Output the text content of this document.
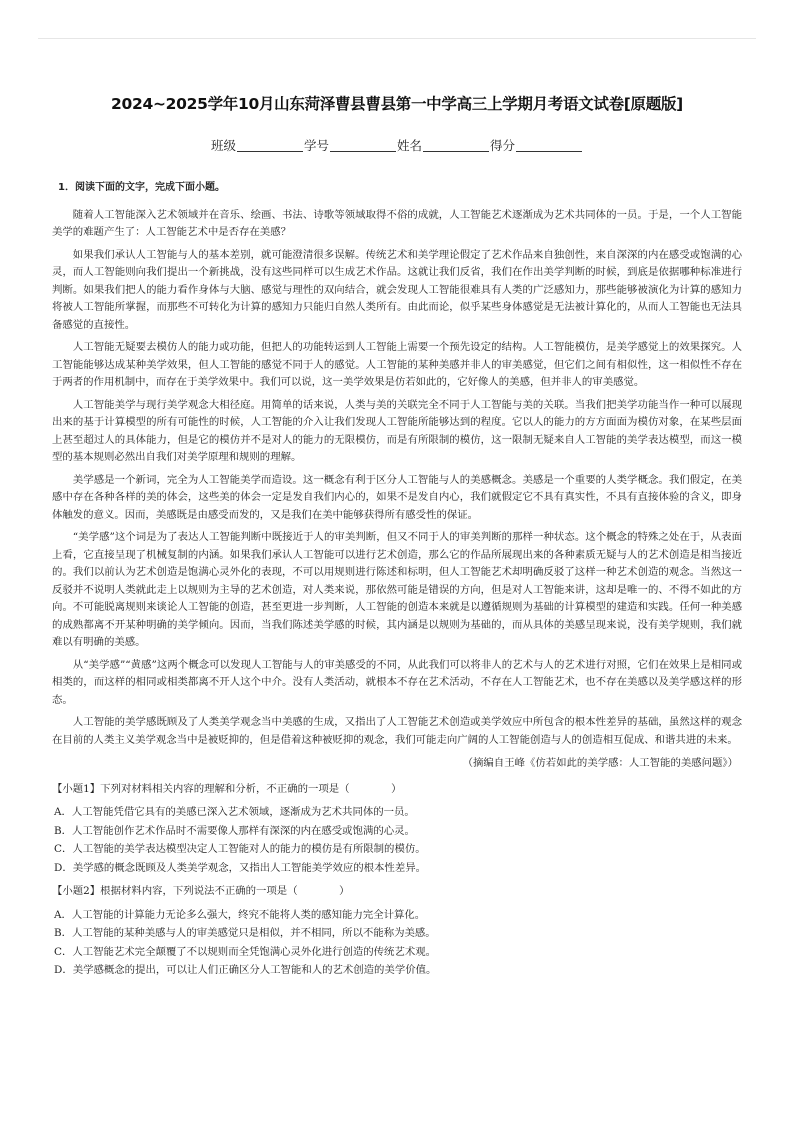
2024~2025学年10月山东菏泽曹县曹县第一中学高三上学期月考语文试卷[原题版]
班级	学号	姓名	得分
1．阅读下面的文字，完成下面小题。
随着人工智能深入艺术领域并在音乐、绘画、书法、诗歌等领域取得不俗的成就，人工智能艺术逐渐成为艺术共同体的一员。于是，一个人工智能美学的难题产生了：人工智能艺术中是否存在美感？
如果我们承认人工智能与人的基本差别，就可能澄清很多误解。传统艺术和美学理论假定了艺术作品来自独创性，来自深深的内在感受或饱满的心灵，而人工智能则向我们提出一个新挑战，没有这些同样可以生成艺术作品。这就让我们反省，我们在作出美学判断的时候，到底是依据哪种标准进行判断。如果我们把人的能力看作身体与大脑、感觉与理性的双向结合，就会发现人工智能很难具有人类的广泛感知力，那些能够被演化为计算的感知力将被人工智能所掌握，而那些不可转化为计算的感知力只能归自然人类所有。由此而论，似乎某些身体感觉是无法被计算化的，从而人工智能也无法具备感觉的直接性。
人工智能无疑要去模仿人的能力或功能，但把人的功能转运到人工智能上需要一个预先设定的结构。人工智能模仿，是美学感觉上的效果探究。人工智能能够达成某种美学效果，但人工智能的感觉不同于人的感觉。人工智能的某种美感并非人的审美感觉，但它们之间有相似性，这一相似性不存在于两者的作用机制中，而存在于美学效果中。我们可以说，这一美学效果是仿若如此的，它好像人的美感，但并非人的审美感觉。
人工智能美学与现行美学观念大相径庭。用简单的话来说，人类与美的关联完全不同于人工智能与美的关联。当我们把美学功能当作一种可以展现出来的基于计算模型的所有可能性的时候，人工智能的介入让我们发现人工智能所能够达到的程度。它以人的能力的方方面面为模仿对象，在某些层面上甚至超过人的具体能力，但是它的模仿并不是对人的能力的无限模仿，而是有所限制的模仿，这一限制无疑来自人工智能的美学表达模型，而这一模型的基本规则必然出自我们对美学原理和规则的理解。
美学感是一个新词，完全为人工智能美学而造设。这一概念有利于区分人工智能与人的美感概念。美感是一个重要的人类学概念。我们假定，在美感中存在各种各样的美的体会，这些美的体会一定是发自我们内心的，如果不是发自内心，我们就假定它不具有真实性，不具有直接体验的含义，即身体触发的意义。因而，美感既是由感受而发的，又是我们在美中能够获得所有感受性的保证。
“美学感”这个词是为了表达人工智能判断中既接近于人的审美判断，但又不同于人的审美判断的那样一种状态。这个概念的特殊之处在于，从表面上看，它直接呈现了机械复制的内涵。如果我们承认人工智能可以进行艺术创造，那么它的作品所展现出来的各种素质无疑与人的艺术创造是相当接近的。我们以前认为艺术创造是饱满心灵外化的表现，不可以用规则进行陈述和标明，但人工智能艺术却明确反驳了这样一种艺术创造的观念。当然这一反驳并不说明人类就此走上以规则为主导的艺术创造，对人类来说，那依然可能是错误的方向，但是对人工智能来讲，这却是唯一的、不得不如此的方向。不可能脱离规则来谈论人工智能的创造，甚至更进一步判断，人工智能的创造本来就是以遵循规则为基础的计算模型的建造和实践。任何一种美感的成熟都离不开某种明确的美学倾向。因而，当我们陈述美学感的时候，其内涵是以规则为基础的，而从具体的美感呈现来说，没有美学规则，我们就难以有明确的美感。
从“美学感”“黄感”这两个概念可以发现人工智能与人的审美感受的不同，从此我们可以将非人的艺术与人的艺术进行对照，它们在效果上是相同或相类的，而这样的相同或相类都离不开人这个中介。没有人类活动，就根本不存在艺术活动，不存在人工智能艺术，也不存在美感以及美学感这样的形态。
人工智能的美学感既顾及了人类美学观念当中美感的生成，又指出了人工智能艺术创造或美学效应中所包含的根本性差异的基础，虽然这样的观念在目前的人类主义美学观念当中是被贬抑的，但是借着这种被贬抑的观念，我们可能走向广阔的人工智能创造与人的创造相互促成、和谐共进的未来。
（摘编自王峰《仿若如此的美学感：人工智能的美感问题》）
【小题1】下列对材料相关内容的理解和分析，不正确的一项是（　　　　）
A．人工智能凭借它具有的美感已深入艺术领域，逐渐成为艺术共同体的一员。
B．人工智能创作艺术作品时不需要像人那样有深深的内在感受或饱满的心灵。
C．人工智能的美学表达模型决定人工智能对人的能力的模仿是有所限制的模仿。
D．美学感的概念既顾及人类美学观念，又指出人工智能美学效应的根本性差异。
【小题2】根据材料内容，下列说法不正确的一项是（　　　　）
A．人工智能的计算能力无论多么强大，终究不能将人类的感知能力完全计算化。
B．人工智能的某种美感与人的审美感觉只是相似，并不相同，所以不能称为美感。
C．人工智能艺术完全颠覆了不以规则而全凭饱满心灵外化进行创造的传统艺术观。
D．美学感概念的提出，可以让人们正确区分人工智能和人的艺术创造的美学价值。
